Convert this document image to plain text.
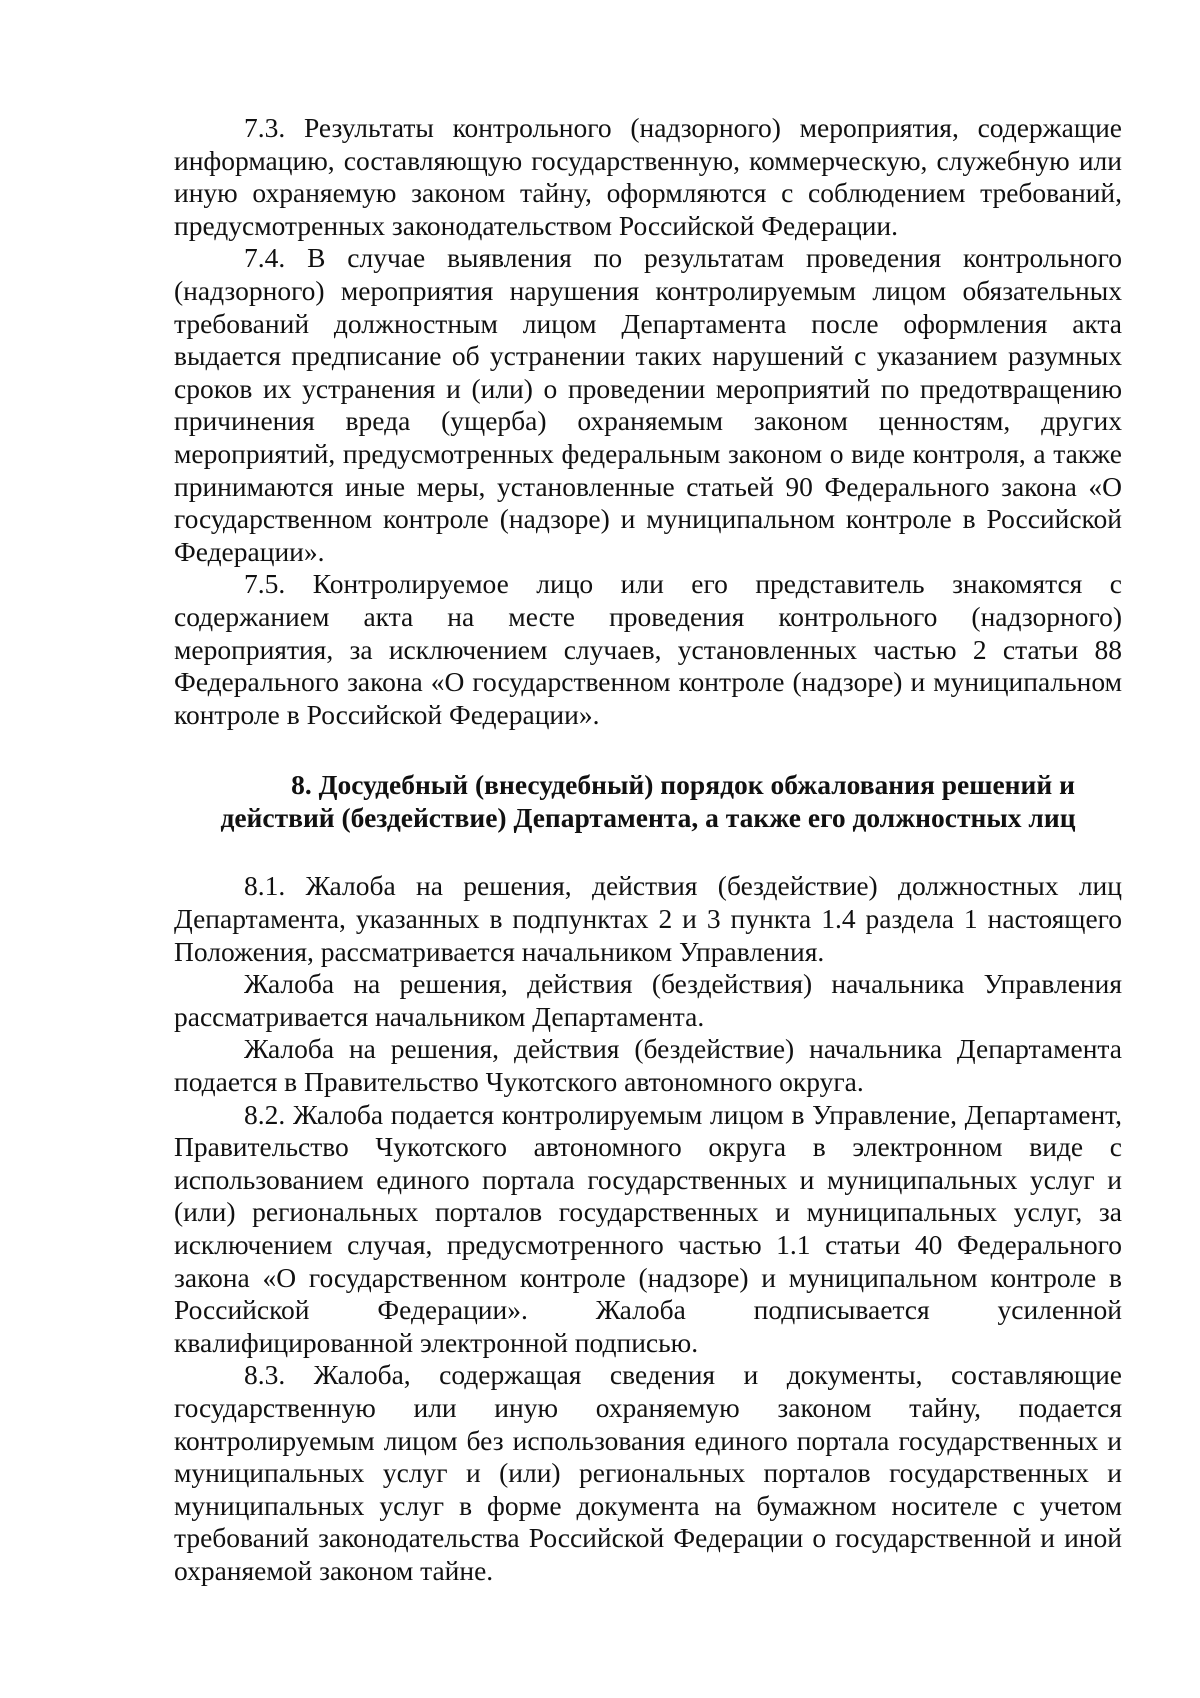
7.3. Результаты контрольного (надзорного) мероприятия, содержащие информацию, составляющую государственную, коммерческую, служебную или иную охраняемую законом тайну, оформляются с соблюдением требований, предусмотренных законодательством Российской Федерации.

7.4. В случае выявления по результатам проведения контрольного (надзорного) мероприятия нарушения контролируемым лицом обязательных требований должностным лицом Департамента после оформления акта выдается предписание об устранении таких нарушений с указанием разумных сроков их устранения и (или) о проведении мероприятий по предотвращению причинения вреда (ущерба) охраняемым законом ценностям, других мероприятий, предусмотренных федеральным законом о виде контроля, а также принимаются иные меры, установленные статьей 90 Федерального закона «О государственном контроле (надзоре) и муниципальном контроле в Российской Федерации».

7.5. Контролируемое лицо или его представитель знакомятся с содержанием акта на месте проведения контрольного (надзорного) мероприятия, за исключением случаев, установленных частью 2 статьи 88 Федерального закона «О государственном контроле (надзоре) и муниципальном контроле в Российской Федерации».

8. Досудебный (внесудебный) порядок обжалования решений и
действий (бездействие) Департамента, а также его должностных лиц

8.1. Жалоба на решения, действия (бездействие) должностных лиц Департамента, указанных в подпунктах 2 и 3 пункта 1.4 раздела 1 настоящего Положения, рассматривается начальником Управления.

Жалоба на решения, действия (бездействия) начальника Управления рассматривается начальником Департамента.

Жалоба на решения, действия (бездействие) начальника Департамента подается в Правительство Чукотского автономного округа.

8.2. Жалоба подается контролируемым лицом в Управление, Департамент, Правительство Чукотского автономного округа в электронном виде с использованием единого портала государственных и муниципальных услуг и (или) региональных порталов государственных и муниципальных услуг, за исключением случая, предусмотренного частью 1.1 статьи 40 Федерального закона «О государственном контроле (надзоре) и муниципальном контроле в Российской Федерации». Жалоба подписывается усиленной квалифицированной электронной подписью.

8.3. Жалоба, содержащая сведения и документы, составляющие государственную или иную охраняемую законом тайну, подается контролируемым лицом без использования единого портала государственных и муниципальных услуг и (или) региональных порталов государственных и муниципальных услуг в форме документа на бумажном носителе с учетом требований законодательства Российской Федерации о государственной и иной охраняемой законом тайне.
